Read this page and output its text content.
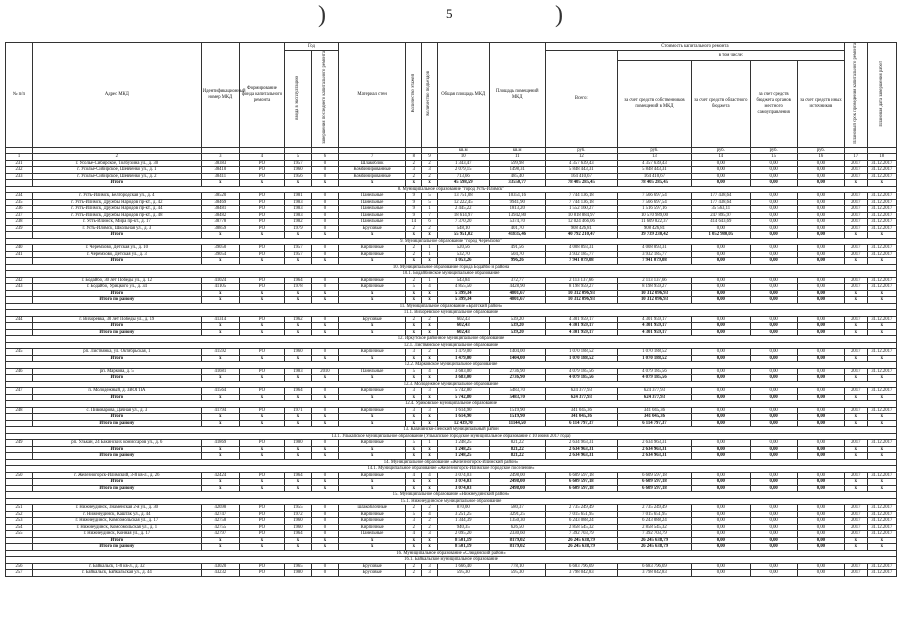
)	5	)
№ п/п	Адрес МКД	Идентификационный номер МКД	Формирование фонда капитального ремонта	Год		Материал стен	Количество этажей	Количество подъездов	Общая площадь МКД	Площадь помещений МКД	Стоимость капитального ремонта					Плановый срок проведения капитального ремонта	Плановая дата завершения работ
				ввода в эксплуатацию	завершения последнего капитального ремонта						Всего:	в том числе:					
												за счет средств собственников помещений в МКД	за счет средств областного бюджета	за счет средств бюджета органов местного самоуправления	за счет средств иных источников		
									кв.м	кв.м	руб.	руб.	руб.	руб.	руб.		
1	2	3	4	5	6	7	8	9	10	11	12	13	14	15	16	17	18
231	г. Усолье-Сибирское, Толбухина ул., д. 30	38383	РО	1957	0	Шлакоблок	2	2	1 343,47	599,98	4 357 639,43	4 357 639,43	0,00	0,00	0,00	2017	31.12.2017
232	г. Усолье-Сибирское, Шевченко ул., д. 1	38410	РО	1960	0	Комбинированные	3	3	2 079,15	1498,31	5 848 443,31	5 848 443,31	0,00	0,00	0,00	2017	31.12.2017
233	г. Усолье-Сибирское, Шевченко ул., д. 2	38411	РО	1956	0	Комбинированные	2	2	713,66	485,40	164 410,67	164 410,67	0,00	0,00	0,00	2017	31.12.2017
	Итого	х	х	х	х	х	х	х	45 598,59	33550,77	78 405 285,45	78 405 285,45	0,00	0,00	0,00	х	х
8. Муниципальное образование "город Усть-Илимск"																	
234	г. Усть-Илимск, Белгородская ул., д. 4	38520	РО	1981	0	Панельные	9	5	13 751,08	10351,16	7 744 136,18	7 566 697,54	177 438,64	0,00	0,00	2017	31.12.2017
235	г. Усть-Илимск, Дружбы Народов пр-кт., д. 42	38469	РО	1983	0	Панельные	9	5	12 222,45	9941,90	7 744 136,18	7 566 697,54	177 438,64	0,00	0,00	2017	31.12.2017
236	г. Усть-Илимск, Дружбы Народов пр-кт., д. 44	38481	РО	1983	0	Панельные	9	1	2 445,22	1813,20	1 552 160,27	1 516 597,16	35 563,11	0,00	0,00	2017	31.12.2017
237	г. Усть-Илимск, Дружбы Народов пр-кт., д. 48	38482	РО	1983	0	Панельные	9	7	18 614,97	13942,80	10 818 884,97	10 570 989,00	247 895,97	0,00	0,00	2017	31.12.2017
238	г. Усть-Илимск, Мира пр-кт., д. 17	38778	РО	1982	0	Панельные	14	6	7 370,20	5374,70	12 024 466,06	11 609 822,37	414 643,69	0,00	0,00	2017	31.12.2017
239	г. Усть-Илимск, Школьная ул., д. 3	38859	РО	1979	0	Брусовые	2	2	548,10	401,70	908 426,81	908 426,81	0,00	0,00	0,00	2017	31.12.2017
	Итого	х	х	х	х	х	х	х	55 951,02	41835,46	40 792 210,47	39 739 230,42	1 052 980,05	0,00	0,00	х	х
9. Муниципальное образование "город Черемхово"																	
240	г. Черемхово, Детская ул., д. 10	39050	РО	1957	0	Кирпичные	2	1	520,56	491,56	4 008 893,31	4 008 893,31	0,00	0,00	0,00	2017	31.12.2017
241	г. Черемхово, Детская ул., д. 3	39054	РО	1957	0	Кирпичные	2	1	532,70	504,70	3 932 185,77	3 932 185,77	0,00	0,00	0,00	2017	31.12.2017
	Итого	х	х	х	х	х	х	х	1 053,26	996,26	7 941 079,08	7 941 079,08	0,00	0,00	0,00	х	х
10. Муниципальное образование города Бодайбо и района																	
10.1. Бодайбинское муниципальное образование																	
242	г. Бодайбо, 30 лет Победы ул., д. 12	41024	РО	1964	0	Кирпичные	2	1	543,84	372,77	2 113 137,66	2 113 137,66	0,00	0,00	0,00	2017	31.12.2017
243	г. Бодайбо, Урицкого ул., д. 34	41105	РО	1978	0	Кирпичные	5	4	4 855,50	4428,90	8 198 959,27	8 198 959,27	0,00	0,00	0,00	2017	31.12.2017
	Итого	х	х	х	х	х	х	х	5 399,34	4801,67	10 312 096,93	10 312 096,93	0,00	0,00	0,00	х	х
	Итого по району	х	х	х	х	х	х	х	5 399,34	4801,67	10 312 096,93	10 312 096,93	0,00	0,00	0,00	х	х
11. Муниципальное образование «Братский район»																	
11.1. Вихоревское муниципальное образование																	
244	г. Вихоревка, 30 лет Победы ул., д. 19	41314	РО	1962	0	Брусовые	2	2	602,43	539,20	4 301 959,17	4 301 959,17	0,00	0,00	0,00	2017	31.12.2017
	Итого	х	х	х	х	х	х	х	602,43	539,20	4 301 959,17	4 301 959,17	0,00	0,00	0,00	х	х
	Итого по району	х	х	х	х	х	х	х	602,43	539,20	4 301 959,17	4 301 959,17	0,00	0,00	0,00	х	х
12. Иркутское районное муниципальное образование																	
12.1. Листвянское муниципальное образование																	
245	рп. Листвянка, ул. Октябрьская, 1	41592	РО	1960	0	Кирпичные	3	2	1 479,00	1404,00	1 070 188,52	1 070 188,52	0,00	0,00	0,00	2017	31.12.2017
	Итого	х	х	х	х	х	х	х	1 479,00	1404,00	1 070 188,52	1 070 188,52	0,00	0,00	0,00	х	х
12.2. Марковское муниципальное образование																	
246	рп. Маркова, д. 5	41681	РО	1983	2010	Панельные	5	4	3 683,00	2736,90	4 079 185,56	4 079 185,56	0,00	0,00	0,00	2017	31.12.2017
	Итого	х	х	х	х	х	х	х	3 683,00	2736,90	4 079 185,56	4 079 185,56	0,00	0,00	0,00	х	х
12.3. Молодежное муниципальное образование																	
247	п. Молодежный, д. 3ВОГПА	41564	РО	1964	0	Кирпичные	3	3	5 742,80	5483,70	624 377,93	624 377,93	0,00	0,00	0,00	2017	31.12.2017
	Итого	х	х	х	х	х	х	х	5 742,80	5483,70	624 377,93	624 377,93	0,00	0,00	0,00	х	х
12.4. Уриковское муниципальное образование																	
248	с. Пивоварова, Дачная ул., д. 3	41794	РО	1971	0	Кирпичные	3	3	1 614,90	1519,90	341 045,36	341 045,36	0,00	0,00	0,00	2017	31.12.2017
	Итого	х	х	х	х	х	х	х	1 614,90	1519,90	341 045,36	341 045,36	0,00	0,00	0,00	х	х
	Итого по району	х	х	х	х	х	х	х	12 439,70	11144,50	6 114 797,37	6 114 797,37	0,00	0,00	0,00	х	х
13. Казачинско-Ленский муниципальный район																	
13.1. Улькапское муниципальное образование (Улькапское городское муниципальное образование с 10 июня 2017 года)																	
249	рп. Улькан, 24 Бакинских комиссаров ул., д. 6	41869	РО	1980	0	Кирпичные	5	1	1 248,25	821,22	2 634 963,31	2 634 963,31	0,00	0,00	0,00	2017	31.12.2017
	Итого	х	х	х	х	х	х	х	1 248,25	821,22	2 634 963,31	2 634 963,31	0,00	0,00	0,00	х	х
	Итого по району	х	х	х	х	х	х	х	1 248,25	821,22	2 634 963,31	2 634 963,31	0,00	0,00	0,00	х	х
14. Муниципальное образование «Железногорск-Илимский район»																	
14.1. Муниципальное образование «Железногорск-Илимское городское поселение»																	
250	г. Железногорск-Илимский, 3-й кв-л., д. 26	42424	РО	1964	0	Кирпичные	4	4	3 074,03	2498,00	6 609 597,18	6 609 597,18	0,00	0,00	0,00	2017	31.12.2017
	Итого	х	х	х	х	х	х	х	3 074,03	2498,00	6 609 597,18	6 609 597,18	0,00	0,00	0,00	х	х
	Итого по району	х	х	х	х	х	х	х	3 074,03	2498,00	6 609 597,18	6 609 597,18	0,00	0,00	0,00	х	х
15. Муниципальное образование «Нижнеудинский район»																	
15.1. Нижнеудинское муниципальное образование																	
251	г. Нижнеудинск, Знаменская 2-я ул., д. 30	42698	РО	1955	0	шлакоблочные	2	2	870,00	580,37	2 735 249,49	2 735 249,49	0,00	0,00	0,00	2017	31.12.2017
252	г. Нижнеудинск, Каштак ул., д. 44	42747	РО	1972	0	Кирпичные	5	4	3 251,25	3291,25	7 015 651,95	7 015 651,95	0,00	0,00	0,00	2017	31.12.2017
253	г. Нижнеудинск, Комсомольская ул., д. 17	42758	РО	1960	0	Кирпичные	3	2	1 344,39	1350,30	6 243 088,24	6 243 088,24	0,00	0,00	0,00	2017	31.12.2017
254	г. Нижнеудинск, Комсомольская ул., д. 1	42755	РО	1960	0	Кирпичные	2	2	940,35	626,50	2 858 545,32	2 858 545,32	0,00	0,00	0,00	2017	31.12.2017
255	г. Нижнеудинск, Конная ул., д. 17	42797	РО	1964	0	Панельные	4	3	2 095,20	2330,60	7 392 703,79	7 392 703,79	0,00	0,00	0,00	2017	31.12.2017
	Итого	х	х	х	х	х	х	х	8 501,19	8179,02	26 245 638,79	26 245 638,79	0,00	0,00	0,00	х	х
	Итого по району	х	х	х	х	х	х	х	8 501,19	8179,02	26 245 638,79	26 245 638,79	0,00	0,00	0,00	х	х
16. Муниципальное образование «Слюдянский район»																	
16.1. Байкальское муниципальное образование																	
256	г. Байкальск, 1-й кв-л., д. 32	43020	РО	1965	0	Брусовые	2	3	1 666,40	778,10	6 683 796,69	6 683 796,69	0,00	0,00	0,00	2017	31.12.2017
257	г. Байкальск, Байкальская ул., д. 44	43232	РО	1980	0	Брусовые	2	3	595,30	595,30	3 798 042,83	3 798 042,83	0,00	0,00	0,00	2017	31.12.2017
